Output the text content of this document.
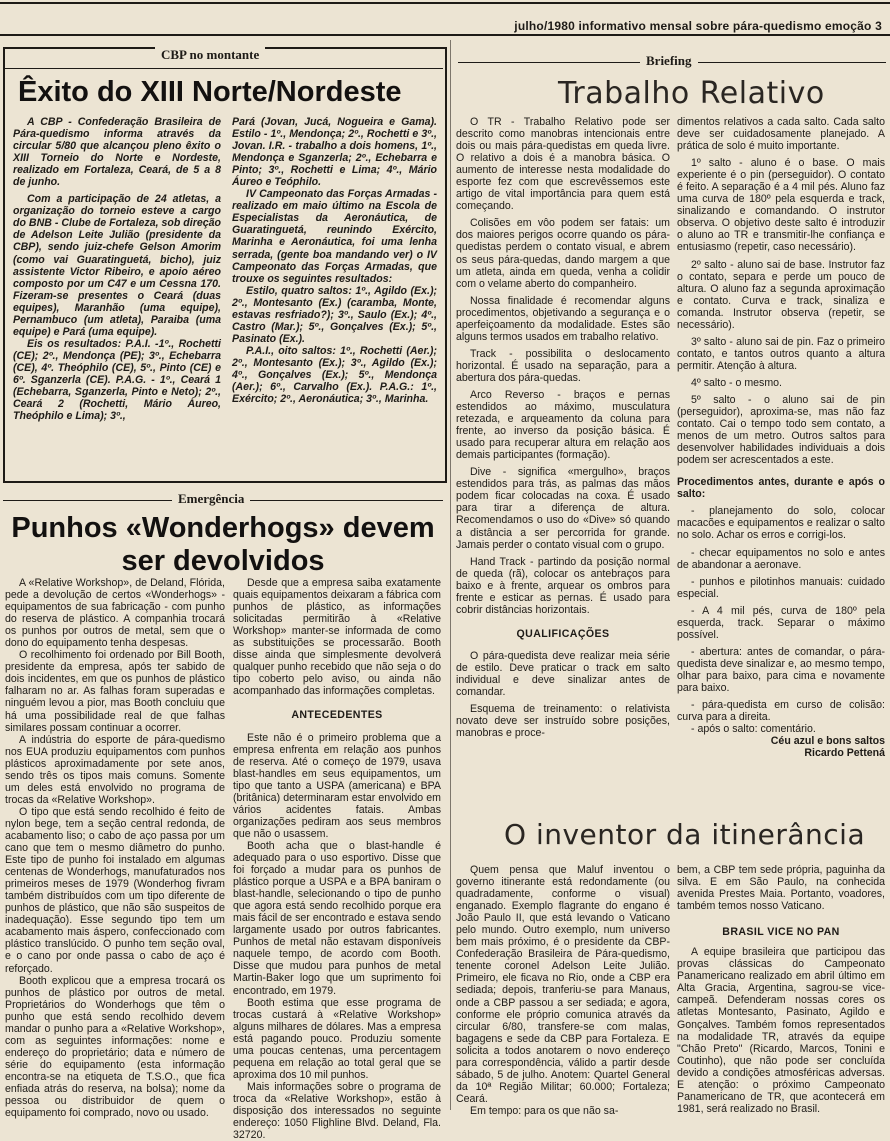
julho/1980 informativo mensal sobre pára-quedismo emoção 3
CBP no montante
Êxito do XIII Norte/Nordeste

A CBP - Confederação Brasileira de Pára-quedismo informa através da circular 5/80 que alcançou pleno êxito o XIII Torneio do Norte e Nordeste, realizado em Fortaleza, Ceará, de 5 a 8 de junho.

Com a participação de 24 atletas, a organização do torneio esteve a cargo do BNB - Clube de Fortaleza, sob direção de Adelson Leite Julião (presidente da CBP), sendo juiz-chefe Gelson Amorim (como vai Guaratinguetá, bicho), juiz assistente Victor Ribeiro, e apoio aéreo composto por um C47 e um Cessna 170. Fizeram-se presentes o Ceará (duas equipes), Maranhão (uma equipe), Pernambuco (um atleta), Paraiba (uma equipe) e Pará (uma equipe).

Eis os resultados: P.A.I. -1º., Rochetti (CE); 2º., Mendonça (PE); 3º., Echebarra (CE), 4º. Theóphilo (CE), 5º., Pinto (CE) e 6º. Sganzerla (CE). P.A.G. - 1º., Ceará 1 (Echebarra, Sganzerla, Pinto e Neto); 2º., Ceará 2 (Rochetti, Mário Áureo, Theóphilo e Lima); 3º.,

Pará (Jovan, Jucá, Nogueira e Gama). Estilo - 1º., Mendonça; 2º., Rochetti e 3º., Jovan. I.R. - trabalho a dois homens, 1º., Mendonça e Sganzerla; 2º., Echebarra e Pinto; 3º., Rochetti e Lima; 4º., Mário Áureo e Teóphilo.

IV Campeonato das Forças Armadas - realizado em maio último na Escola de Especialistas da Aeronáutica, de Guaratinguetá, reunindo Exército, Marinha e Aeronáutica, foi uma lenha serrada, (gente boa mandando ver) o IV Campeonato das Forças Armadas, que trouxe os seguintes resultados:

Estilo, quatro saltos: 1º., Agildo (Ex.); 2º., Montesanto (Ex.) (caramba, Monte, estavas resfriado?); 3º., Saulo (Ex.); 4º., Castro (Mar.); 5º., Gonçalves (Ex.); 5º., Pasinato (Ex.).

P.A.I., oito saltos: 1º., Rochetti (Aer.); 2º., Montesanto (Ex.); 3º., Agildo (Ex.); 4º., Gonçalves (Ex.); 5º., Mendonça (Aer.); 6º., Carvalho (Ex.). P.A.G.: 1º., Exército; 2º., Aeronáutica; 3º., Marinha.

Emergência
Punhos «Wonderhogs» devem ser devolvidos

A «Relative Workshop», de Deland, Flórida, pede a devolução de certos «Wonderhogs» - equipamentos de sua fabricação - com punho do reserva de plástico. A companhia trocará os punhos por outros de metal, sem que o dono do equipamento tenha despesas.

O recolhimento foi ordenado por Bill Booth, presidente da empresa, após ter sabido de dois incidentes, em que os punhos de plástico falharam no ar. As falhas foram superadas e ninguém levou a pior, mas Booth concluiu que há uma possibilidade real de que falhas similares possam continuar a ocorrer.

A indústria do esporte de pára-quedismo nos EUA produziu equipamentos com punhos plásticos aproximadamente por sete anos, sendo três os tipos mais comuns. Somente um deles está envolvido no programa de trocas da «Relative Workshop».

O tipo que está sendo recolhido é feito de nylon bege, tem a seção central redonda, de acabamento liso; o cabo de aço passa por um cano que tem o mesmo diâmetro do punho. Este tipo de punho foi instalado em algumas centenas de Wonderhogs, manufaturados nos primeiros meses de 1979 (Wonderhog fivram também distribuídos com um tipo diferente de punhos de plástico, que não são suspeitos de inadequação). Esse segundo tipo tem um acabamento mais áspero, confeccionado com plástico translúcido. O punho tem seção oval, e o cano por onde passa o cabo de aço é reforçado.

Booth explicou que a empresa trocará os punhos de plástico por outros de metal. Proprietários do Wonderhogs que têm o punho que está sendo recolhido devem mandar o punho para a «Relative Workshop», com as seguintes informações: nome e endereço do proprietário; data e número de série do equipamento (esta informação encontra-se na etiqueta de T.S.O., que fica enfiada atrás do reserva, na bolsa); nome da pessoa ou distribuidor de quem o equipamento foi comprado, novo ou usado.

Desde que a empresa saiba exatamente quais equipamentos deixaram a fábrica com punhos de plástico, as informações solicitadas permitirão à «Relative Workshop» manter-se informada de como as substituições se processarão. Booth disse ainda que simplesmente devolverá qualquer punho recebido que não seja o do tipo coberto pelo aviso, ou ainda não acompanhado das informações completas.

ANTECEDENTES

Este não é o primeiro problema que a empresa enfrenta em relação aos punhos de reserva. Até o começo de 1979, usava blast-handles em seus equipamentos, um tipo que tanto a USPA (americana) e BPA (britânica) determinaram estar envolvido em vários acidentes fatais. Ambas organizações pediram aos seus membros que não o usassem.

Booth acha que o blast-handle é adequado para o uso esportivo. Disse que foi forçado a mudar para os punhos de plástico porque a USPA e a BPA baniram o blast-handle, selecionando o tipo de punho que agora está sendo recolhido porque era mais fácil de ser encontrado e estava sendo largamente usado por outros fabricantes. Punhos de metal não estavam disponíveis naquele tempo, de acordo com Booth. Disse que mudou para punhos de metal Martin-Baker logo que um suprimento foi encontrado, em 1979.

Booth estima que esse programa de trocas custará à «Relative Workshop» alguns milhares de dólares. Mas a empresa está pagando pouco. Produziu somente uma poucas centenas, uma percentagem pequena em relação ao total geral que se aproxima dos 10 mil punhos.

Mais informações sobre o programa de troca da «Relative Workshop», estão à disposição dos interessados no seguinte endereço: 1050 Flighline Blvd. Deland, Fla. 32720.

Briefing
Trabalho Relativo

O TR - Trabalho Relativo pode ser descrito como manobras intencionais entre dois ou mais pára-quedistas em queda livre. O relativo a dois é a manobra básica. O aumento de interesse nesta modalidade do esporte fez com que escrevêssemos este artigo de vital importância para quem está começando.

Colisões em vôo podem ser fatais: um dos maiores perigos ocorre quando os pára-quedistas perdem o contato visual, e abrem os seus pára-quedas, dando margem a que um atleta, ainda em queda, venha a colidir com o velame aberto do companheiro.

Nossa finalidade é recomendar alguns procedimentos, objetivando a segurança e o aperfeiçoamento da modalidade. Estes são alguns termos usados em trabalho relativo.

Track - possibilita o deslocamento horizontal. É usado na separação, para a abertura dos pára-quedas.

Arco Reverso - braços e pernas estendidos ao máximo, musculatura retezada, e arqueamento da coluna para frente, ao inverso da posição básica. É usado para recuperar altura em relação aos demais participantes (formação).

Dive - significa «mergulho», braços estendidos para trás, as palmas das mãos podem ficar colocadas na coxa. É usado para tirar a diferença de altura. Recomendamos o uso do «Dive» só quando a distância a ser percorrida for grande. Jamais perder o contato visual com o grupo.

Hand Track - partindo da posição normal de queda (rã), colocar os antebraços para baixo e à frente, arquear os ombros para frente e esticar as pernas. É usado para cobrir distâncias horizontais.

QUALIFICAÇÕES

O pára-quedista deve realizar meia série de estilo. Deve praticar o track em salto individual e deve sinalizar antes de comandar.

Esquema de treinamento: o relativista novato deve ser instruído sobre posições, manobras e proce-

dimentos relativos a cada salto. Cada salto deve ser cuidadosamente planejado. A prática de solo é muito importante.

1º salto - aluno é o base. O mais experiente é o pin (perseguidor). O contato é feito. A separação é a 4 mil pés. Aluno faz uma curva de 180º pela esquerda e track, sinalizando e comandando. O instrutor observa. O objetivo deste salto é introduzir o aluno ao TR e transmitir-lhe confiança e entusiasmo (repetir, caso necessário).

2º salto - aluno sai de base. Instrutor faz o contato, separa e perde um pouco de altura. O aluno faz a segunda aproximação e contato. Curva e track, sinaliza e comanda. Instrutor observa (repetir, se necessário).

3º salto - aluno sai de pin. Faz o primeiro contato, e tantos outros quanto a altura permitir. Atenção à altura.

4º salto - o mesmo.

5º salto - o aluno sai de pin (perseguidor), aproxima-se, mas não faz contato. Cai o tempo todo sem contato, a menos de um metro. Outros saltos para desenvolver habilidades individuais a dois podem ser acrescentados a este.

Procedimentos antes, durante e após o salto:

- planejamento do solo, colocar macacões e equipamentos e realizar o salto no solo. Achar os erros e corrigi-los.

- checar equipamentos no solo e antes de abandonar a aeronave.

- punhos e pilotinhos manuais: cuidado especial.

- A 4 mil pés, curva de 180º pela esquerda, track. Separar o máximo possível.

- abertura: antes de comandar, o pára-quedista deve sinalizar e, ao mesmo tempo, olhar para baixo, para cima e novamente para baixo.

- pára-quedista em curso de colisão: curva para a direita.

- após o salto: comentário.

Céu azul e bons saltos

Ricardo Pettená

O inventor da itinerância

Quem pensa que Maluf inventou o governo itinerante está redondamente (ou quadradamente, conforme o visual) enganado. Exemplo flagrante do engano é João Paulo II, que está levando o Vaticano pelo mundo. Outro exemplo, num universo bem mais próximo, é o presidente da CBP-Confederação Brasileira de Pára-quedismo, tenente coronel Adelson Leite Julião. Primeiro, ele ficava no Rio, onde a CBP era sediada; depois, tranferiu-se para Manaus, onde a CBP passou a ser sediada; e agora, conforme ele próprio comunica através da circular 6/80, transfere-se com malas, bagagens e sede da CBP para Fortaleza. E solicita a todos anotarem o novo endereço para correspondência, válido a partir desde sábado, 5 de julho. Anotem: Quartel General da 10ª Região Militar; 60.000; Fortaleza; Ceará.

Em tempo: para os que não sa-

bem, a CBP tem sede própria, paguinha da silva. E em São Paulo, na conhecida avenida Prestes Maia. Portanto, voadores, também temos nosso Vaticano.

BRASIL VICE NO PAN

A equipe brasileira que participou das provas clássicas do Campeonato Panamericano realizado em abril último em Alta Gracia, Argentina, sagrou-se vice-campeã. Defenderam nossas cores os atletas Montesanto, Pasinato, Agildo e Gonçalves. Também fomos representados na modalidade TR, através da equipe "Chão Preto" (Ricardo, Marcos, Tonini e Coutinho), que não pode ser concluída devido a condições atmosféricas adversas. E atenção: o próximo Campeonato Panamericano de TR, que acontecerá em 1981, será realizado no Brasil.
